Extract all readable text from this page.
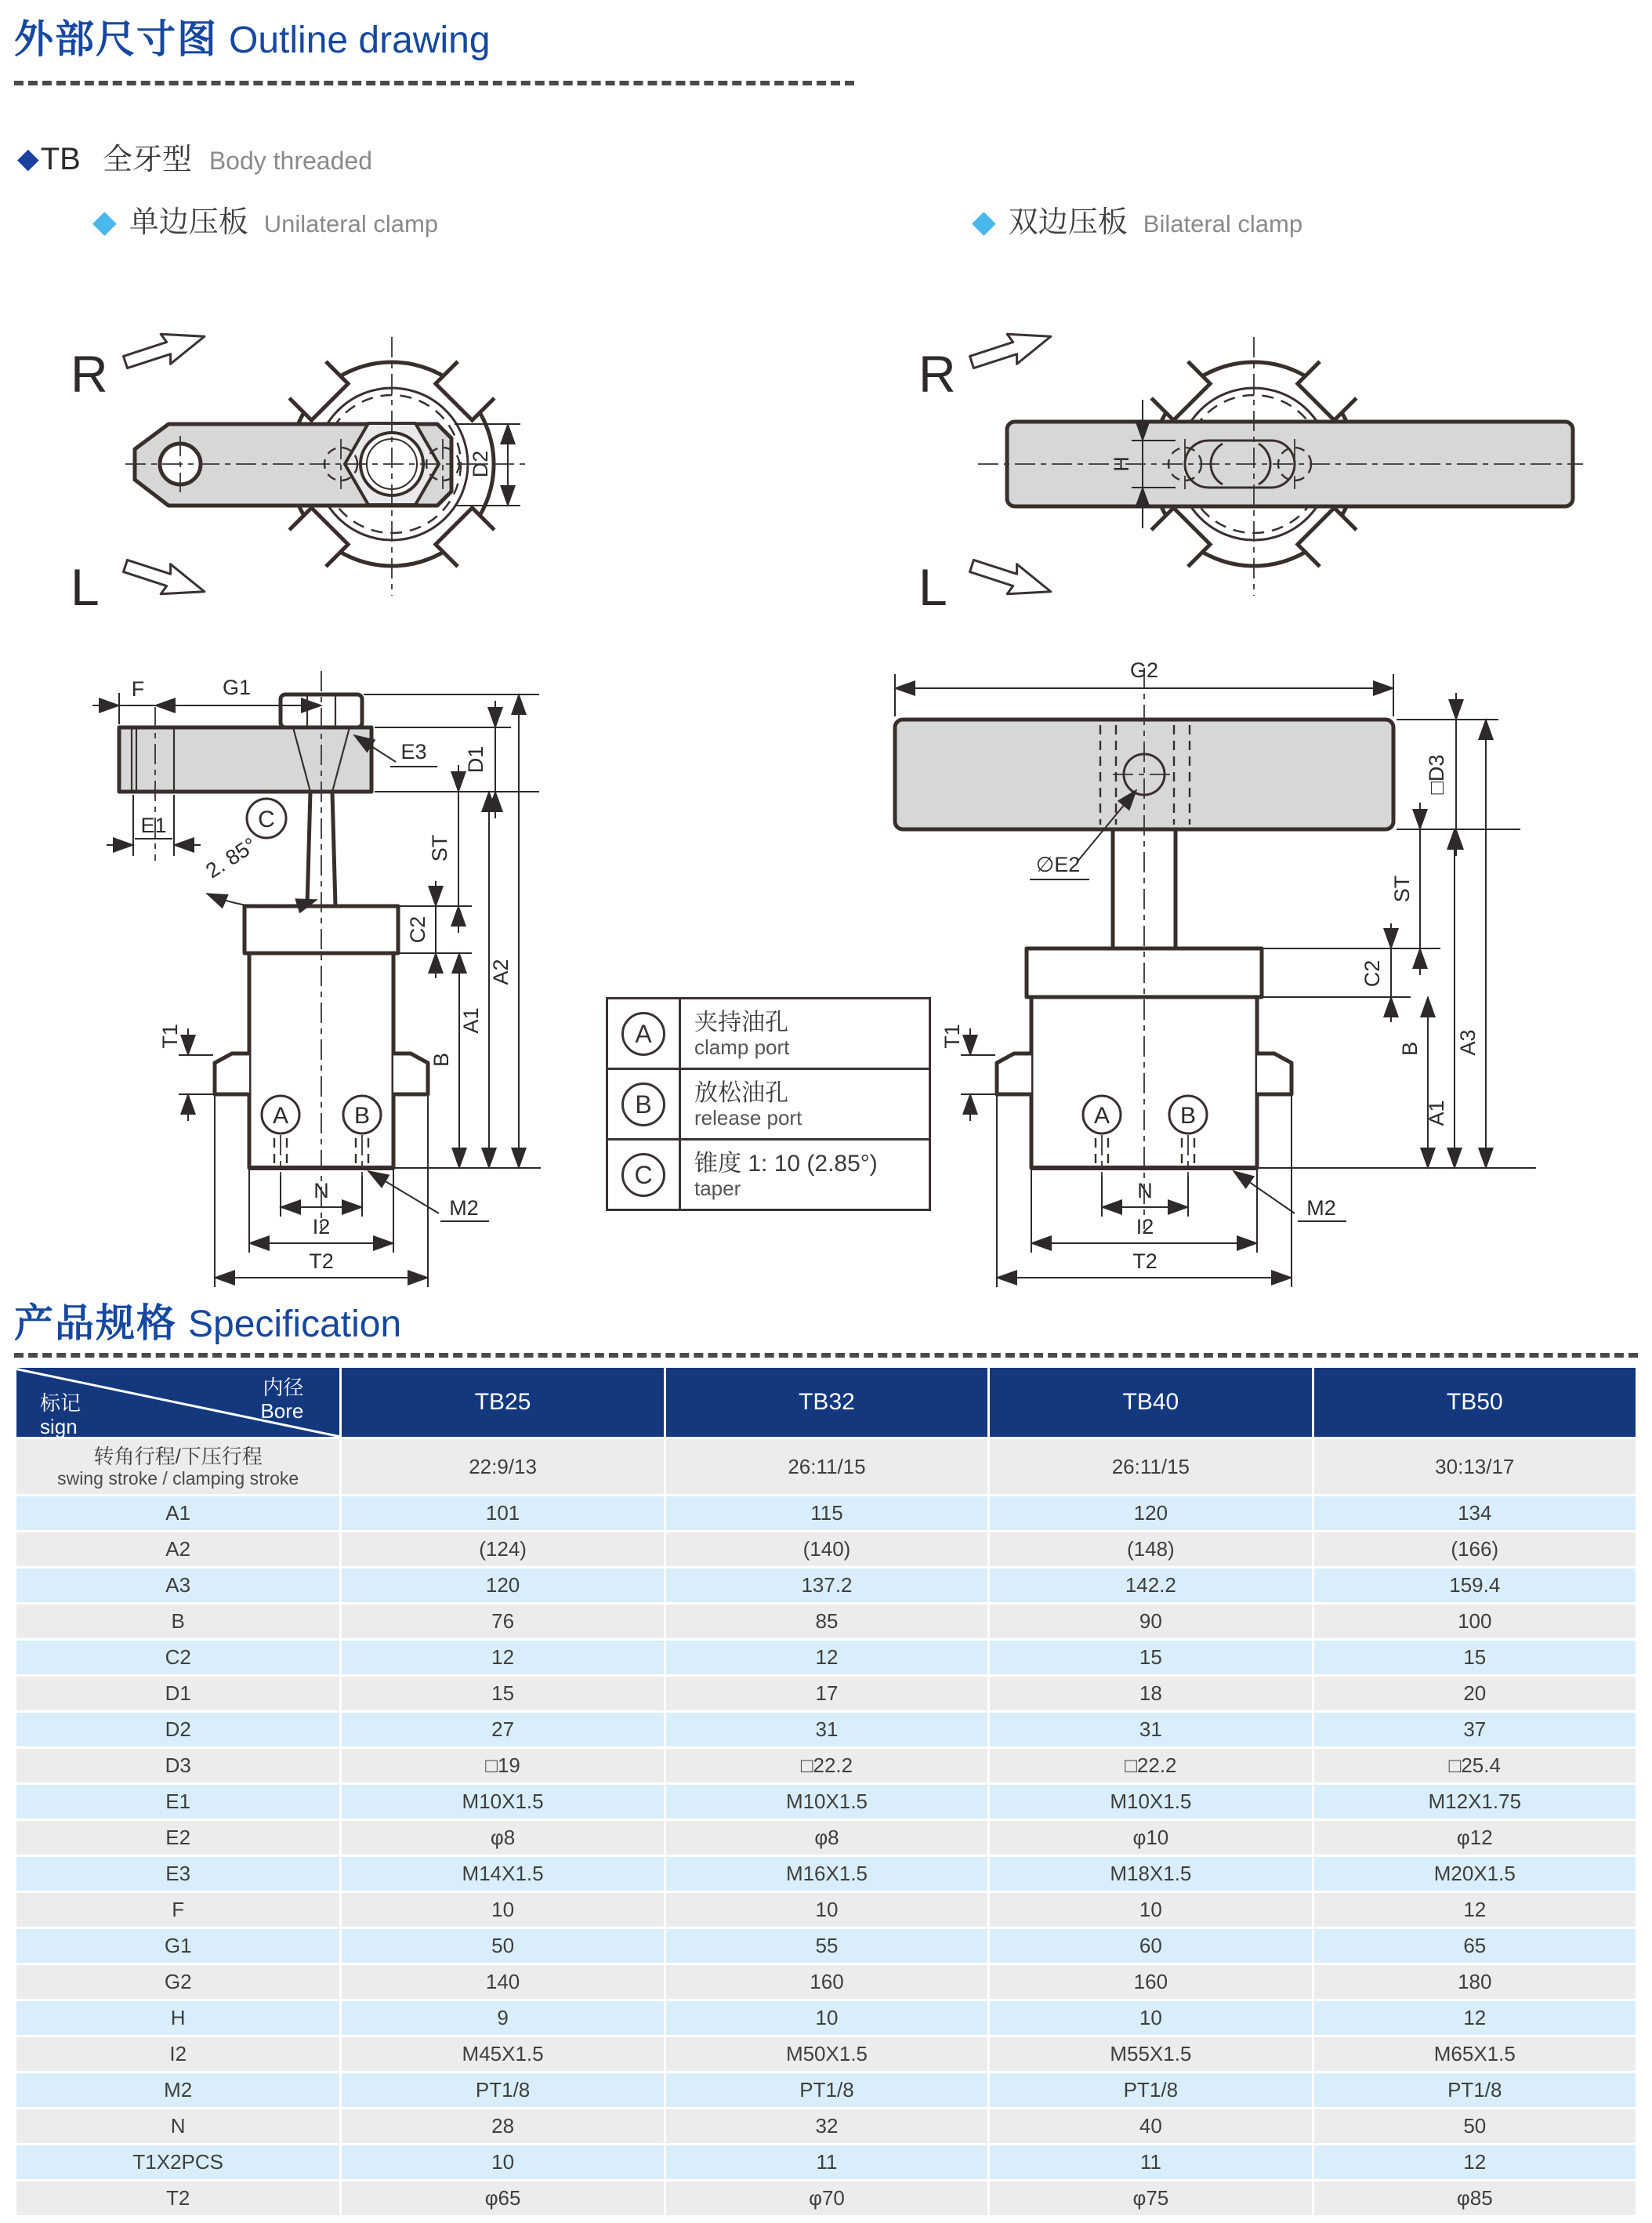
外部尺寸图 Outline drawing
◆TB 全牙型 Body threaded
◆ 单边压板 Unilateral clamp	◆ 双边压板 Bilateral clamp
D2
R
L
H
R
L
A	B
F	G1
E1
E3 D1
C
2. 85°	ST
C2
B
A1
A2
T1
N
I2
T2
M2
A	B
G2
∅E2
□D3
ST
C2
B
A1
A3
T1
N
I2
T2
M2
A	夹持油孔
clamp port

B	放松油孔
release port

C	锥度 1: 10 (2.85°)
taper
产品规格 Specification
内径
Bore
标记
sign	TB25	TB32	TB40	TB50

转角行程/下压行程
swing stroke / clamping stroke	22:9/13	26:11/15	26:11/15	30:13/17
A1	101	115	120	134
A2	(124)	(140)	(148)	(166)
A3	120	137.2	142.2	159.4
B	76	85	90	100
C2	12	12	15	15
D1	15	17	18	20
D2	27	31	31	37
D3	□19	□22.2	□22.2	□25.4
E1	M10X1.5	M10X1.5	M10X1.5	M12X1.75
E2	φ8	φ8	φ10	φ12
E3	M14X1.5	M16X1.5	M18X1.5	M20X1.5
F	10	10	10	12
G1	50	55	60	65
G2	140	160	160	180
H	9	10	10	12
I2	M45X1.5	M50X1.5	M55X1.5	M65X1.5
M2	PT1/8	PT1/8	PT1/8	PT1/8
N	28	32	40	50
T1X2PCS	10	11	11	12
T2	φ65	φ70	φ75	φ85
